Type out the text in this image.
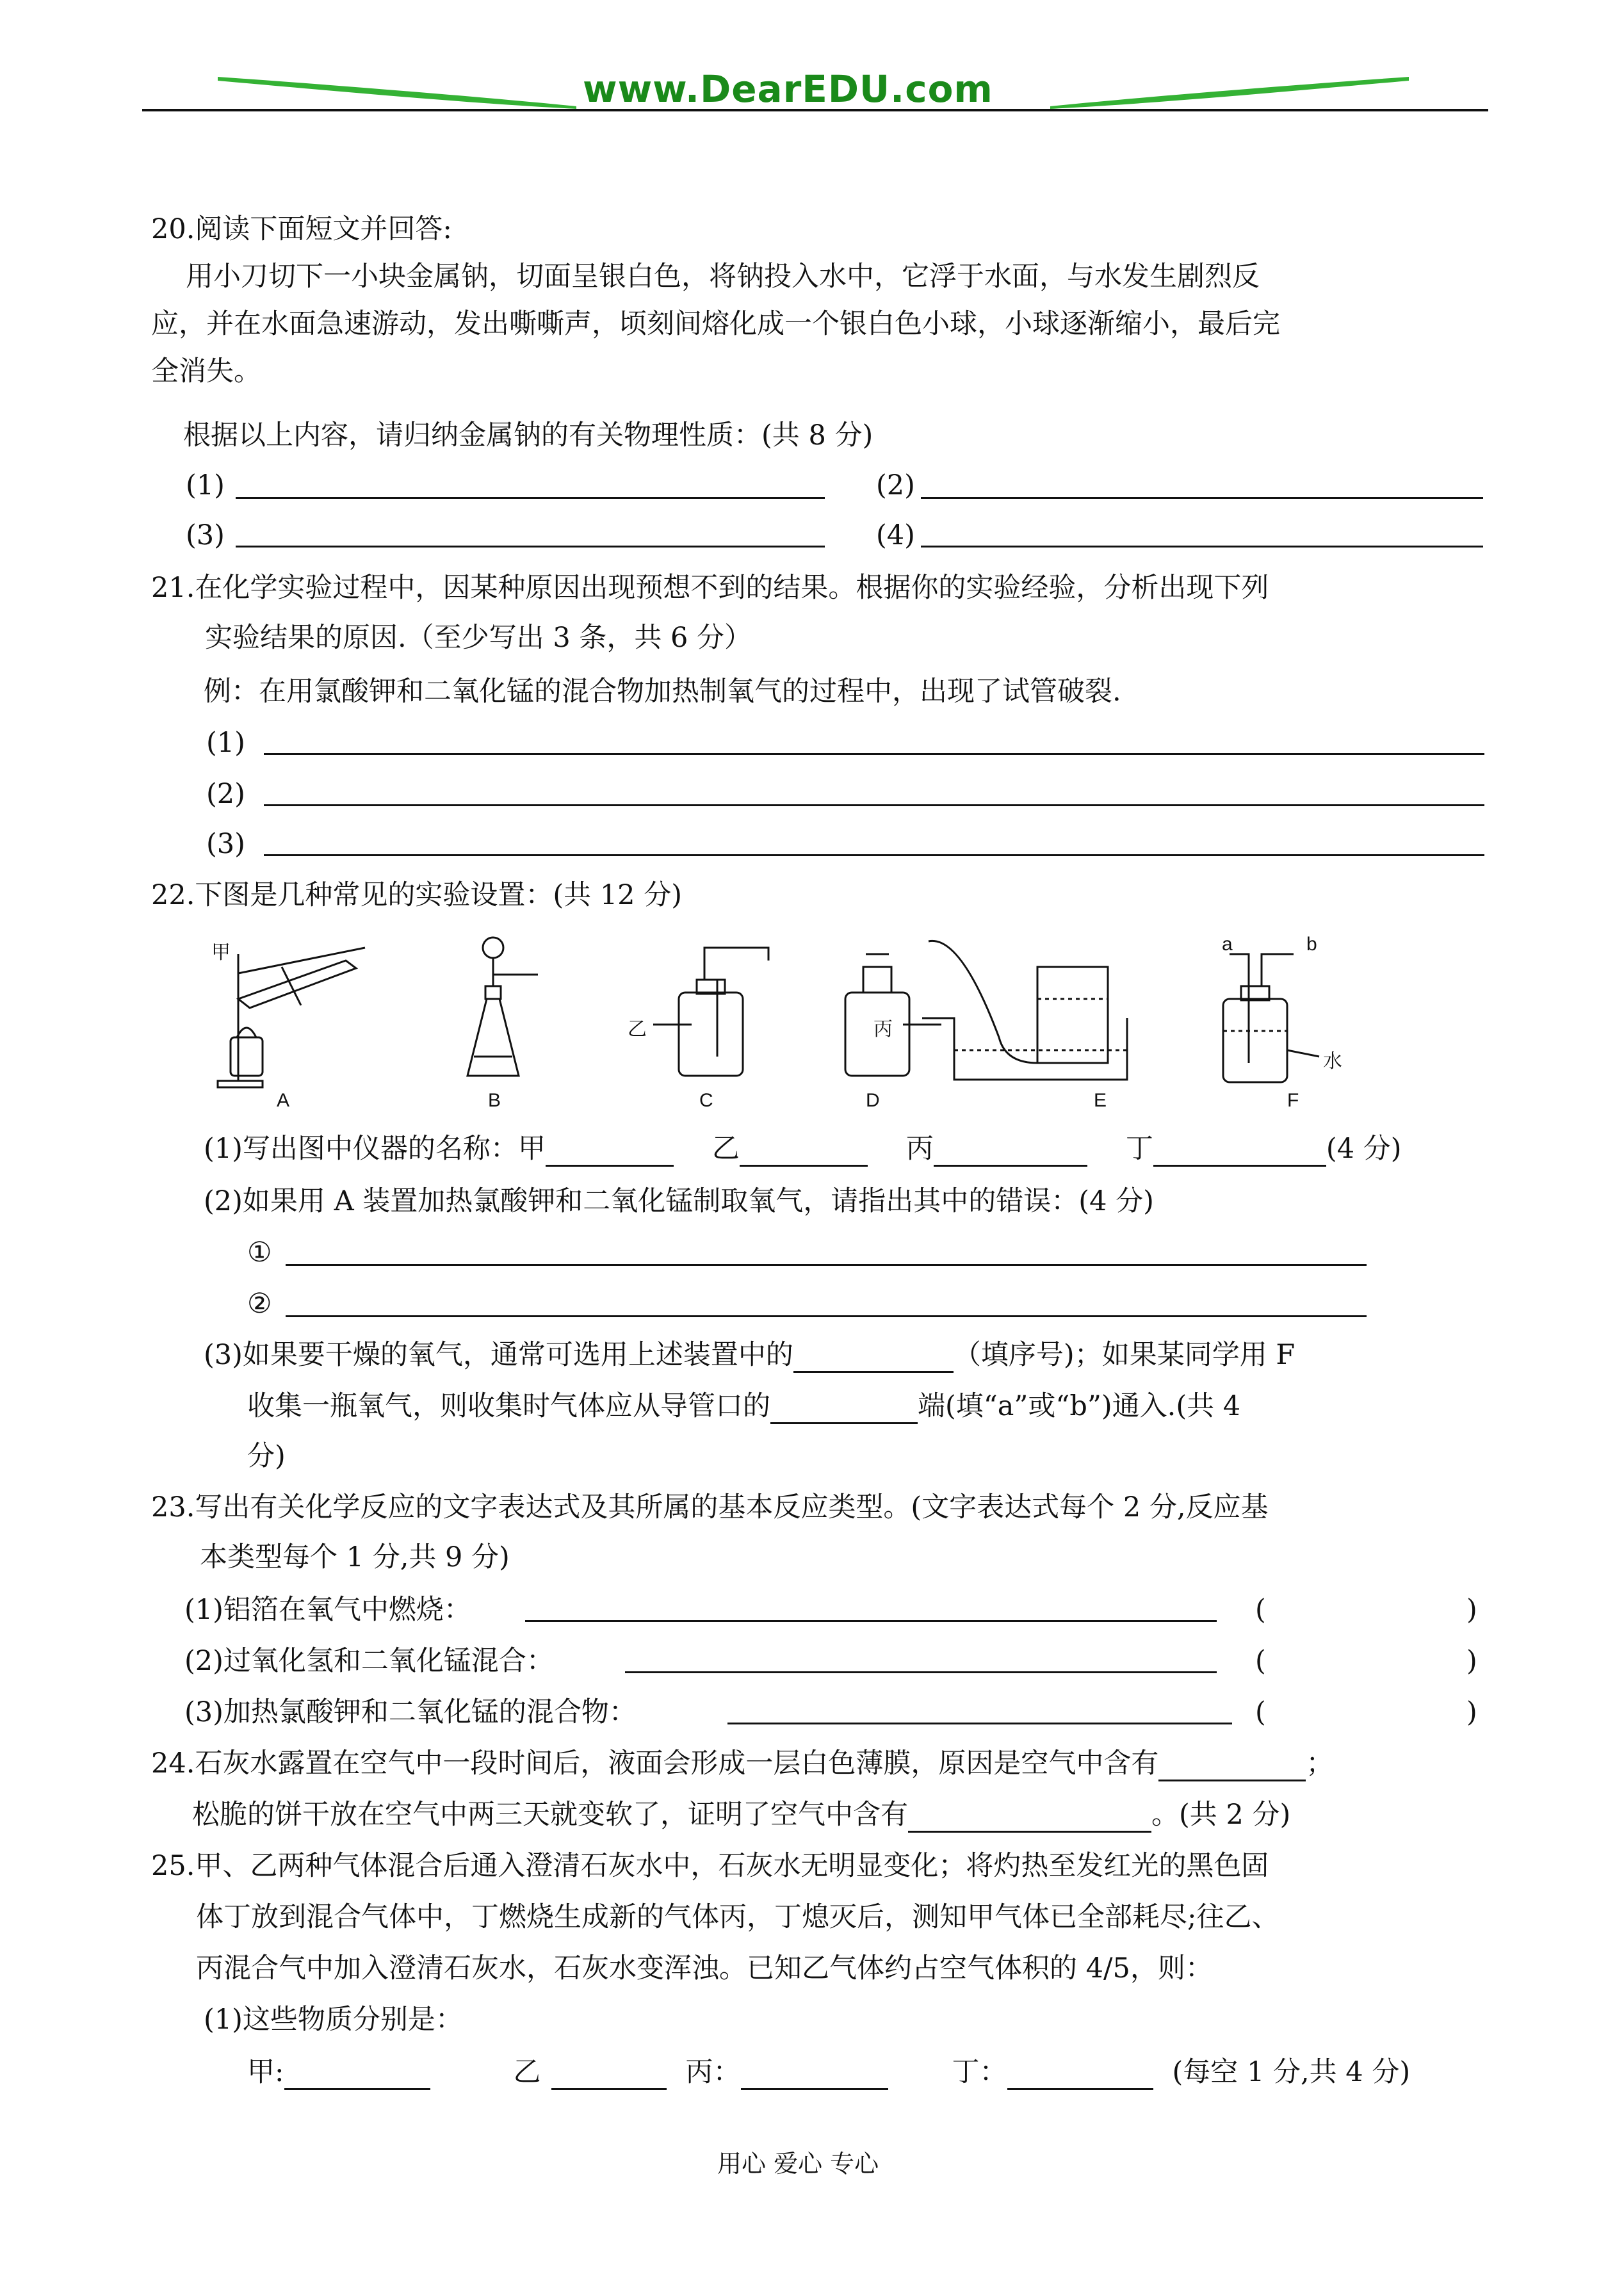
www.DearEDU.com
20.阅读下面短文并回答:
用小刀切下一小块金属钠，切面呈银白色，将钠投入水中，它浮于水面，与水发生剧烈反
应，并在水面急速游动，发出嘶嘶声，顷刻间熔化成一个银白色小球，小球逐渐缩小，最后完
全消失。
根据以上内容，请归纳金属钠的有关物理性质：(共 8 分)
(1)	(2)
(3)	(4)
21.在化学实验过程中，因某种原因出现预想不到的结果。根据你的实验经验，分析出现下列
实验结果的原因.（至少写出 3 条，共 6 分）
例：在用氯酸钾和二氧化锰的混合物加热制氧气的过程中，出现了试管破裂.
(1)
(2)
(3)
22.下图是几种常见的实验设置：(共 12 分)
甲
乙	丙
a	b
水
A	B	C	D	E	F
(1)写出图中仪器的名称：甲	乙	丙	丁	(4 分)
(2)如果用 A 装置加热氯酸钾和二氧化锰制取氧气，请指出其中的错误：(4 分)
①
②
(3)如果要干燥的氧气，通常可选用上述装置中的	（填序号)；如果某同学用 F
收集一瓶氧气，则收集时气体应从导管口的	端(填“a”或“b”)通入.(共 4
分)
23.写出有关化学反应的文字表达式及其所属的基本反应类型。(文字表达式每个 2 分,反应基
本类型每个 1 分,共 9 分)
(1)铝箔在氧气中燃烧：	(	)
(2)过氧化氢和二氧化锰混合：	(	)
(3)加热氯酸钾和二氧化锰的混合物：	(	)
24.石灰水露置在空气中一段时间后，液面会形成一层白色薄膜，原因是空气中含有	；
松脆的饼干放在空气中两三天就变软了，证明了空气中含有	。(共 2 分)
25.甲、乙两种气体混合后通入澄清石灰水中，石灰水无明显变化；将灼热至发红光的黑色固
体丁放到混合气体中，丁燃烧生成新的气体丙，丁熄灭后，测知甲气体已全部耗尽;往乙、
丙混合气中加入澄清石灰水，石灰水变浑浊。已知乙气体约占空气体积的 4/5，则：
(1)这些物质分别是：
甲:	乙	丙：	丁：	(每空 1 分,共 4 分)
用心 爱心 专心
